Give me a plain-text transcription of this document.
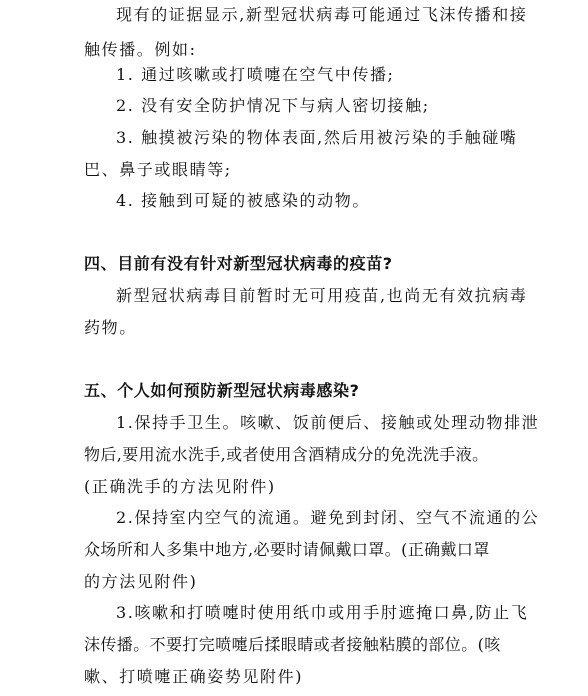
现有的证据显示,新型冠状病毒可能通过飞沫传播和接
触传播。例如:
1. 通过咳嗽或打喷嚏在空气中传播;
2. 没有安全防护情况下与病人密切接触;
3. 触摸被污染的物体表面,然后用被污染的手触碰嘴
巴、鼻子或眼睛等;
4. 接触到可疑的被感染的动物。
四、目前有没有针对新型冠状病毒的疫苗?
新型冠状病毒目前暂时无可用疫苗,也尚无有效抗病毒
药物。
五、个人如何预防新型冠状病毒感染?
1.保持手卫生。咳嗽、饭前便后、接触或处理动物排泄
物后,要用流水洗手,或者使用含酒精成分的免洗洗手液。
(正确洗手的方法见附件)
2.保持室内空气的流通。避免到封闭、空气不流通的公
众场所和人多集中地方,必要时请佩戴口罩。(正确戴口罩
的方法见附件)
3.咳嗽和打喷嚏时使用纸巾或用手肘遮掩口鼻,防止飞
沫传播。不要打完喷嚏后揉眼睛或者接触粘膜的部位。(咳
嗽、打喷嚏正确姿势见附件)
